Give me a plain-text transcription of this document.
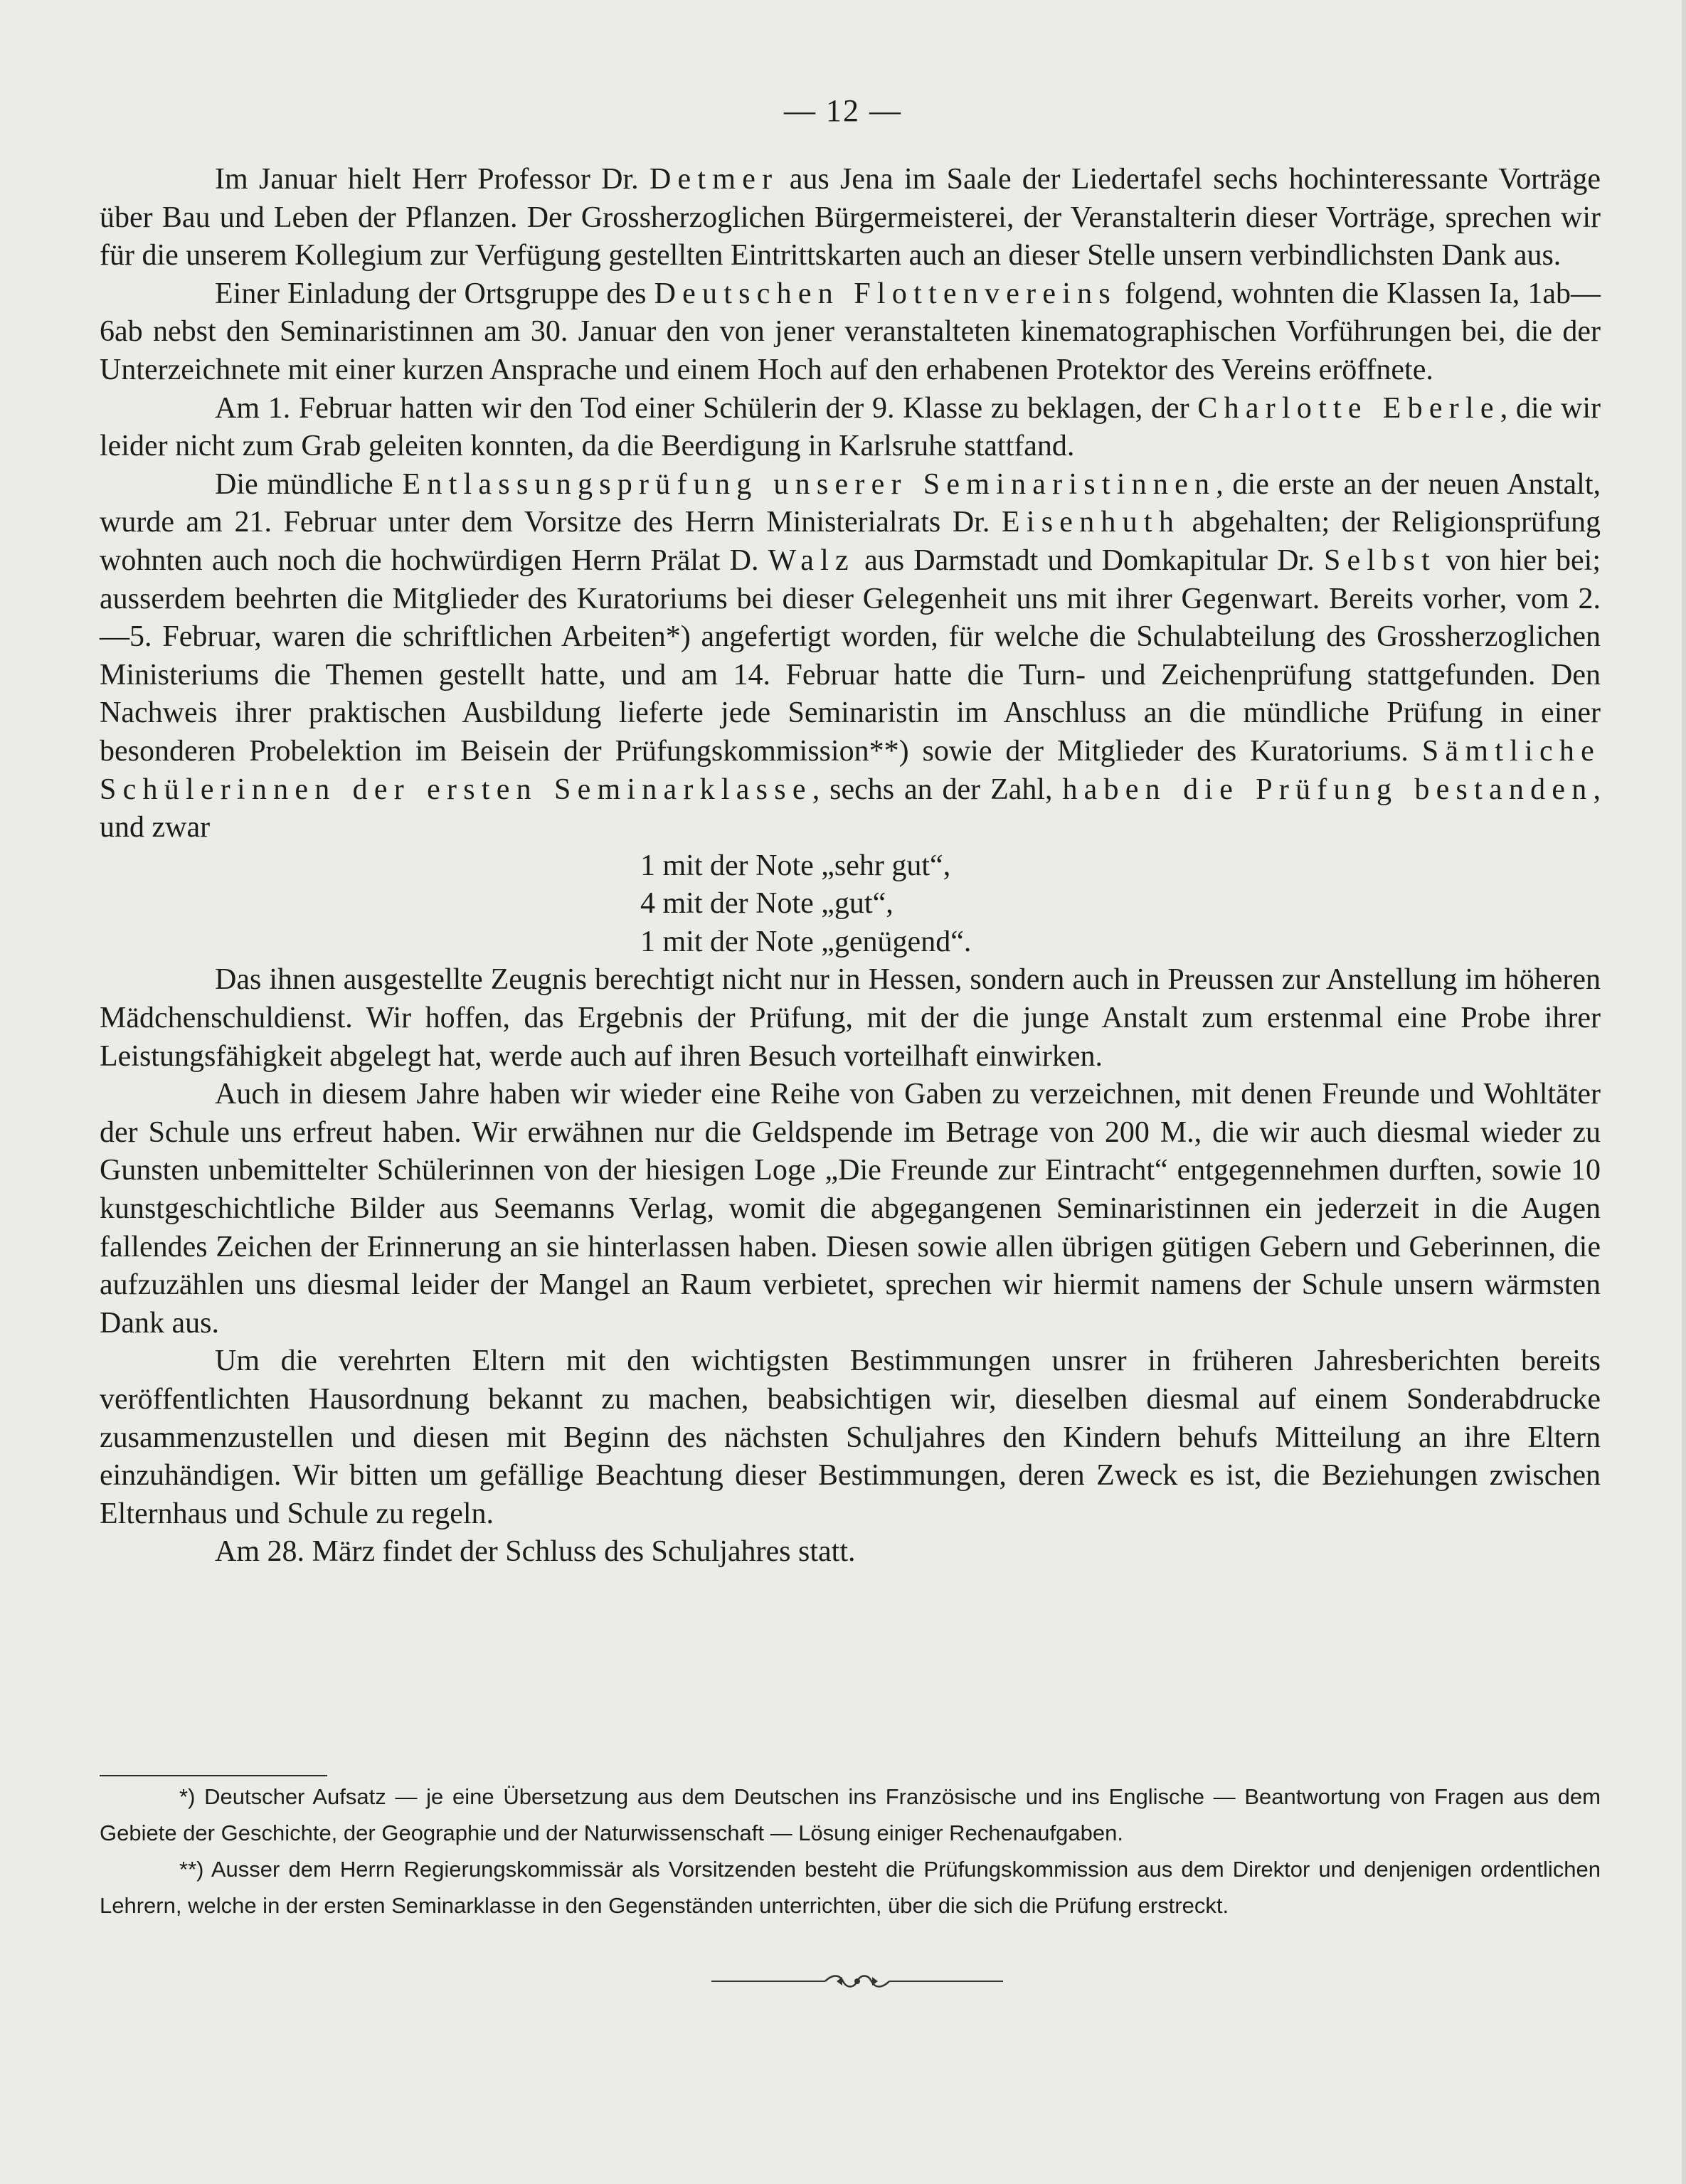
— 12 —

Im Januar hielt Herr Professor Dr. Detmer aus Jena im Saale der Liedertafel sechs hochinteressante Vorträge über Bau und Leben der Pflanzen. Der Grossherzoglichen Bürgermeisterei, der Veranstalterin dieser Vorträge, sprechen wir für die unserem Kollegium zur Verfügung gestellten Eintrittskarten auch an dieser Stelle unsern verbindlichsten Dank aus.

Einer Einladung der Ortsgruppe des Deutschen Flottenvereins folgend, wohnten die Klassen Ia, 1ab—6ab nebst den Seminaristinnen am 30. Januar den von jener veranstalteten kinematographischen Vorführungen bei, die der Unterzeichnete mit einer kurzen Ansprache und einem Hoch auf den erhabenen Protektor des Vereins eröffnete.

Am 1. Februar hatten wir den Tod einer Schülerin der 9. Klasse zu beklagen, der Charlotte Eberle, die wir leider nicht zum Grab geleiten konnten, da die Beerdigung in Karlsruhe stattfand.

Die mündliche Entlassungsprüfung unserer Seminaristinnen, die erste an der neuen Anstalt, wurde am 21. Februar unter dem Vorsitze des Herrn Ministerialrats Dr. Eisenhuth abgehalten; der Religionsprüfung wohnten auch noch die hochwürdigen Herrn Prälat D. Walz aus Darmstadt und Domkapitular Dr. Selbst von hier bei; ausserdem beehrten die Mitglieder des Kuratoriums bei dieser Gelegenheit uns mit ihrer Gegenwart. Bereits vorher, vom 2.—5. Februar, waren die schriftlichen Arbeiten*) angefertigt worden, für welche die Schulabteilung des Grossherzoglichen Ministeriums die Themen gestellt hatte, und am 14. Februar hatte die Turn- und Zeichenprüfung stattgefunden. Den Nachweis ihrer praktischen Ausbildung lieferte jede Seminaristin im Anschluss an die mündliche Prüfung in einer besonderen Probelektion im Beisein der Prüfungskommission**) sowie der Mitglieder des Kuratoriums. Sämtliche Schülerinnen der ersten Seminarklasse, sechs an der Zahl, haben die Prüfung bestanden, und zwar

1 mit der Note „sehr gut“,
4 mit der Note „gut“,
1 mit der Note „genügend“.

Das ihnen ausgestellte Zeugnis berechtigt nicht nur in Hessen, sondern auch in Preussen zur Anstellung im höheren Mädchenschuldienst. Wir hoffen, das Ergebnis der Prüfung, mit der die junge Anstalt zum erstenmal eine Probe ihrer Leistungsfähigkeit abgelegt hat, werde auch auf ihren Besuch vorteilhaft einwirken.

Auch in diesem Jahre haben wir wieder eine Reihe von Gaben zu verzeichnen, mit denen Freunde und Wohltäter der Schule uns erfreut haben. Wir erwähnen nur die Geldspende im Betrage von 200 M., die wir auch diesmal wieder zu Gunsten unbemittelter Schülerinnen von der hiesigen Loge „Die Freunde zur Eintracht“ entgegennehmen durften, sowie 10 kunstgeschichtliche Bilder aus Seemanns Verlag, womit die abgegangenen Seminaristinnen ein jederzeit in die Augen fallendes Zeichen der Erinnerung an sie hinterlassen haben. Diesen sowie allen übrigen gütigen Gebern und Geberinnen, die aufzuzählen uns diesmal leider der Mangel an Raum verbietet, sprechen wir hiermit namens der Schule unsern wärmsten Dank aus.

Um die verehrten Eltern mit den wichtigsten Bestimmungen unsrer in früheren Jahresberichten bereits veröffentlichten Hausordnung bekannt zu machen, beabsichtigen wir, dieselben diesmal auf einem Sonderabdrucke zusammenzustellen und diesen mit Beginn des nächsten Schuljahres den Kindern behufs Mitteilung an ihre Eltern einzuhändigen. Wir bitten um gefällige Beachtung dieser Bestimmungen, deren Zweck es ist, die Beziehungen zwischen Elternhaus und Schule zu regeln.

Am 28. März findet der Schluss des Schuljahres statt.

*) Deutscher Aufsatz — je eine Übersetzung aus dem Deutschen ins Französische und ins Englische — Beantwortung von Fragen aus dem Gebiete der Geschichte, der Geographie und der Naturwissenschaft — Lösung einiger Rechenaufgaben.

**) Ausser dem Herrn Regierungskommissär als Vorsitzenden besteht die Prüfungskommission aus dem Direktor und denjenigen ordentlichen Lehrern, welche in der ersten Seminarklasse in den Gegenständen unterrichten, über die sich die Prüfung erstreckt.
